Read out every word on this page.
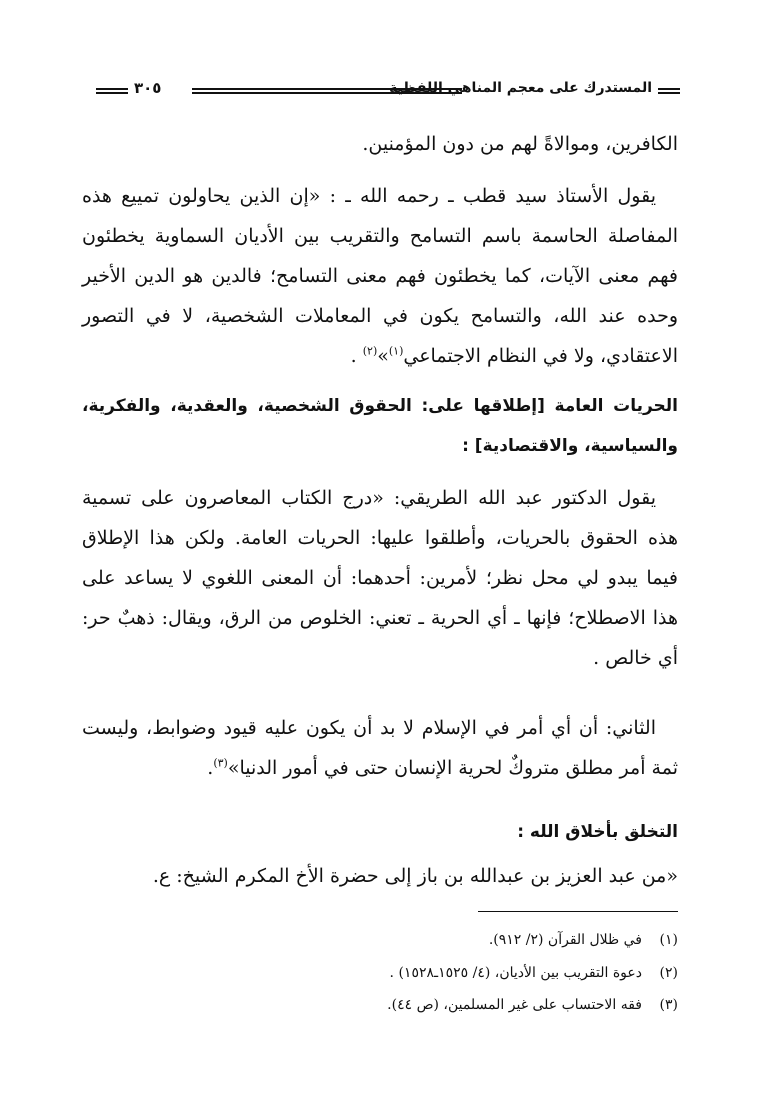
المستدرك على معجم المناهي اللفظية
٣٠٥
الكافرين، وموالاةً لهم من دون المؤمنين.
يقول الأستاذ سيد قطب ـ رحمه الله ـ : «إن الذين يحاولون تمييع هذه المفاصلة الحاسمة باسم التسامح والتقريب بين الأديان السماوية يخطئون فهم معنى الآيات، كما يخطئون فهم معنى التسامح؛ فالدين هو الدين الأخير وحده عند الله، والتسامح يكون في المعاملات الشخصية، لا في التصور الاعتقادي، ولا في النظام الاجتماعي$^{(١)}$»$^{(٢)}$ .
الحريات العامة [إطلاقها على: الحقوق الشخصية، والعقدية، والفكرية، والسياسية، والاقتصادية] :
يقول الدكتور عبد الله الطريقي: «درج الكتاب المعاصرون على تسمية هذه الحقوق بالحريات، وأطلقوا عليها: الحريات العامة. ولكن هذا الإطلاق فيما يبدو لي محل نظر؛ لأمرين: أحدهما: أن المعنى اللغوي لا يساعد على هذا الاصطلاح؛ فإنها ـ أي الحرية ـ تعني: الخلوص من الرق، ويقال: ذهبٌ حر: أي خالص .
الثاني: أن أي أمر في الإسلام لا بد أن يكون عليه قيود وضوابط، وليست ثمة أمر مطلق متروكٌ لحرية الإنسان حتى في أمور الدنيا»$^{(٣)}$.
التخلق بأخلاق الله :
«من عبد العزيز بن عبدالله بن باز إلى حضرة الأخ المكرم الشيخ: ع.
(١)في ظلال القرآن (٢/ ٩١٢).
(٢)دعوة التقريب بين الأديان، (٤/ ١٥٢٥ـ١٥٢٨) .
(٣)فقه الاحتساب على غير المسلمين، (ص ٤٤).
